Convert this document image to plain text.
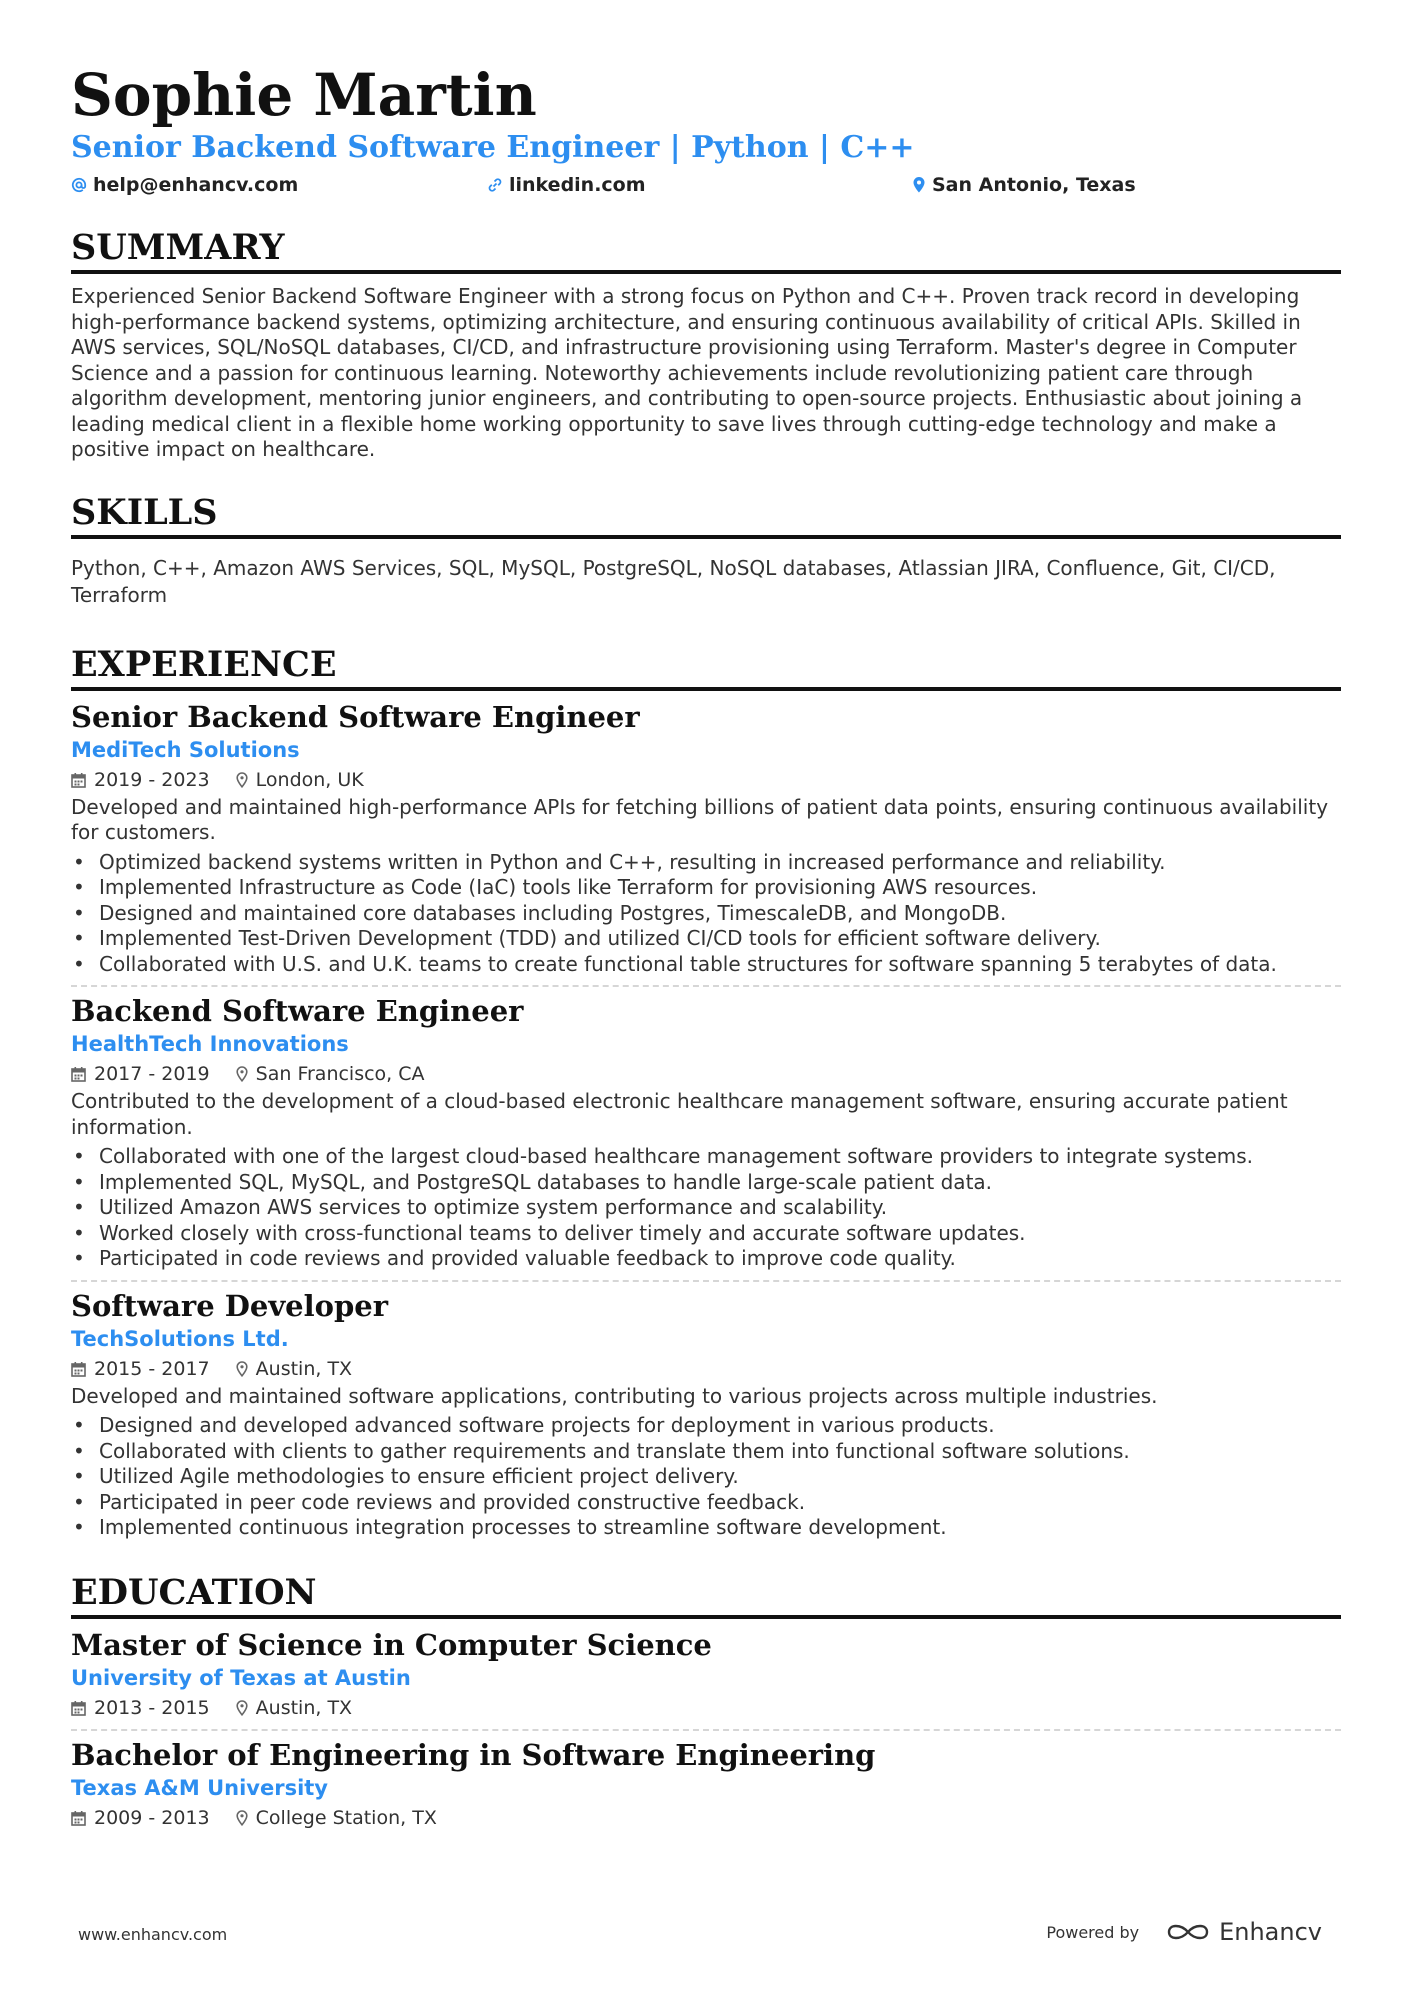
Sophie Martin
Senior Backend Software Engineer | Python | C++
help@enhancv.com	linkedin.com	San Antonio, Texas
SUMMARY
Experienced Senior Backend Software Engineer with a strong focus on Python and C++. Proven track record in developing high-performance backend systems, optimizing architecture, and ensuring continuous availability of critical APIs. Skilled in AWS services, SQL/NoSQL databases, CI/CD, and infrastructure provisioning using Terraform. Master's degree in Computer Science and a passion for continuous learning. Noteworthy achievements include revolutionizing patient care through algorithm development, mentoring junior engineers, and contributing to open-source projects. Enthusiastic about joining a leading medical client in a flexible home working opportunity to save lives through cutting-edge technology and make a positive impact on healthcare.
SKILLS
Python, C++, Amazon AWS Services, SQL, MySQL, PostgreSQL, NoSQL databases, Atlassian JIRA, Confluence, Git, CI/CD, Terraform
EXPERIENCE
Senior Backend Software Engineer
MediTech Solutions
2019 - 2023 London, UK
Developed and maintained high-performance APIs for fetching billions of patient data points, ensuring continuous availability for customers.
• Optimized backend systems written in Python and C++, resulting in increased performance and reliability.
• Implemented Infrastructure as Code (IaC) tools like Terraform for provisioning AWS resources.
• Designed and maintained core databases including Postgres, TimescaleDB, and MongoDB.
• Implemented Test-Driven Development (TDD) and utilized CI/CD tools for efficient software delivery.
• Collaborated with U.S. and U.K. teams to create functional table structures for software spanning 5 terabytes of data.
Backend Software Engineer
HealthTech Innovations
2017 - 2019 San Francisco, CA
Contributed to the development of a cloud-based electronic healthcare management software, ensuring accurate patient information.
• Collaborated with one of the largest cloud-based healthcare management software providers to integrate systems.
• Implemented SQL, MySQL, and PostgreSQL databases to handle large-scale patient data.
• Utilized Amazon AWS services to optimize system performance and scalability.
• Worked closely with cross-functional teams to deliver timely and accurate software updates.
• Participated in code reviews and provided valuable feedback to improve code quality.
Software Developer
TechSolutions Ltd.
2015 - 2017 Austin, TX
Developed and maintained software applications, contributing to various projects across multiple industries.
• Designed and developed advanced software projects for deployment in various products.
• Collaborated with clients to gather requirements and translate them into functional software solutions.
• Utilized Agile methodologies to ensure efficient project delivery.
• Participated in peer code reviews and provided constructive feedback.
• Implemented continuous integration processes to streamline software development.
EDUCATION
Master of Science in Computer Science
University of Texas at Austin
2013 - 2015 Austin, TX
Bachelor of Engineering in Software Engineering
Texas A&M University
2009 - 2013 College Station, TX
www.enhancv.com	Powered by	Enhancv
